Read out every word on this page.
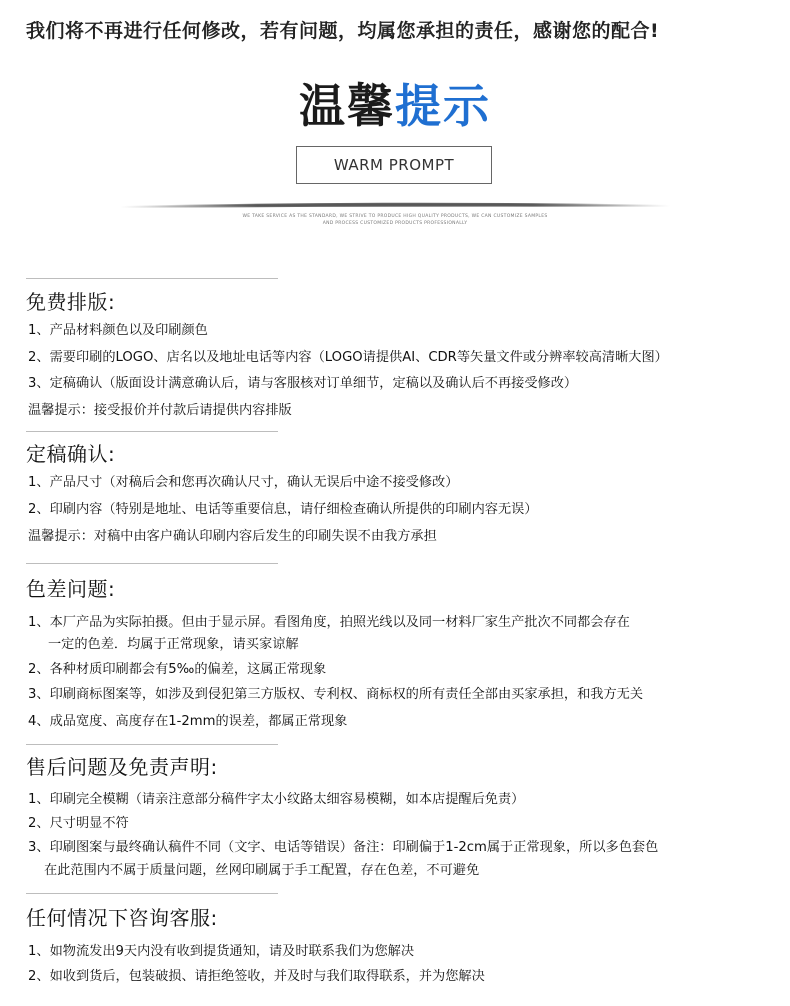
我们将不再进行任何修改，若有问题，均属您承担的责任，感谢您的配合!
温馨提示
WARM PROMPT
WE TAKE SERVICE AS THE STANDARD, WE STRIVE TO PRODUCE HIGH QUALITY PRODUCTS, WE CAN CUSTOMIZE SAMPLES
AND PROCESS CUSTOMIZED PRODUCTS PROFESSIONALLY
免费排版:
1、产品材料颜色以及印刷颜色
2、需要印刷的LOGO、店名以及地址电话等内容（LOGO请提供AI、CDR等矢量文件或分辨率较高清晰大图）
3、定稿确认（版面设计满意确认后，请与客服核对订单细节，定稿以及确认后不再接受修改）
温馨提示：接受报价并付款后请提供内容排版
定稿确认:
1、产品尺寸（对稿后会和您再次确认尺寸，确认无误后中途不接受修改）
2、印刷内容（特别是地址、电话等重要信息，请仔细检查确认所提供的印刷内容无误）
温馨提示：对稿中由客户确认印刷内容后发生的印刷失误不由我方承担
色差问题:
1、本厂产品为实际拍摄。但由于显示屏。看图角度，拍照光线以及同一材料厂家生产批次不同都会存在
一定的色差．均属于正常现象，请买家谅解
2、各种材质印刷都会有5‰的偏差，这属正常现象
3、印刷商标图案等，如涉及到侵犯第三方版权、专利权、商标权的所有责任全部由买家承担，和我方无关
4、成品宽度、高度存在1-2mm的误差，都属正常现象
售后问题及免责声明:
1、印刷完全模糊（请亲注意部分稿件字太小纹路太细容易模糊，如本店提醒后免责）
2、尺寸明显不符
3、印刷图案与最终确认稿件不同（文字、电话等错误）备注：印刷偏于1-2cm属于正常现象，所以多色套色
在此范围内不属于质量问题，丝网印刷属于手工配置，存在色差，不可避免
任何情况下咨询客服:
1、如物流发出9天内没有收到提货通知，请及时联系我们为您解决
2、如收到货后，包装破损、请拒绝签收，并及时与我们取得联系，并为您解决
